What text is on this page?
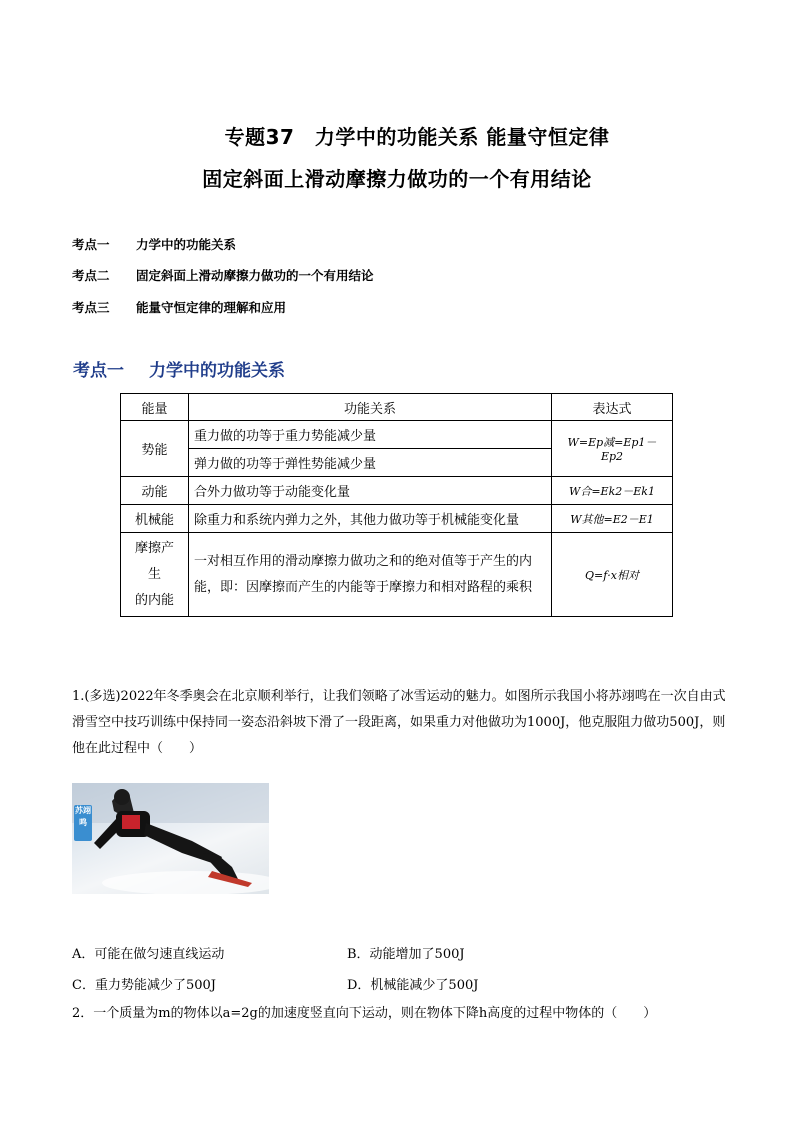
专题37　力学中的功能关系 能量守恒定律
固定斜面上滑动摩擦力做功的一个有用结论
考点一 力学中的功能关系
考点二 固定斜面上滑动摩擦力做功的一个有用结论
考点三 能量守恒定律的理解和应用
考点一 力学中的功能关系
能量	功能关系	表达式
势能	重力做的功等于重力势能减少量	W=Ep减=Ep1－Ep2
	弹力做的功等于弹性势能减少量	
动能	合外力做功等于动能变化量	W合=Ek2－Ek1
机械能	除重力和系统内弹力之外，其他力做功等于机械能变化量	W其他=E2－E1

摩擦产
生
的内能	一对相互作用的滑动摩擦力做功之和的绝对值等于产生的内能，即：因摩擦而产生的内能等于摩擦力和相对路程的乘积	Q=f·x相对
1.(多选)2022年冬季奥会在北京顺利举行，让我们领略了冰雪运动的魅力。如图所示我国小将苏翊鸣在一次自由式滑雪空中技巧训练中保持同一姿态沿斜坡下滑了一段距离，如果重力对他做功为1000J，他克服阻力做功500J，则他在此过程中（　　）
苏翊鸣
A．可能在做匀速直线运动	B．动能增加了500J
C．重力势能减少了500J	D．机械能减少了500J
2．一个质量为m的物体以a=2g的加速度竖直向下运动，则在物体下降h高度的过程中物体的（　　）
